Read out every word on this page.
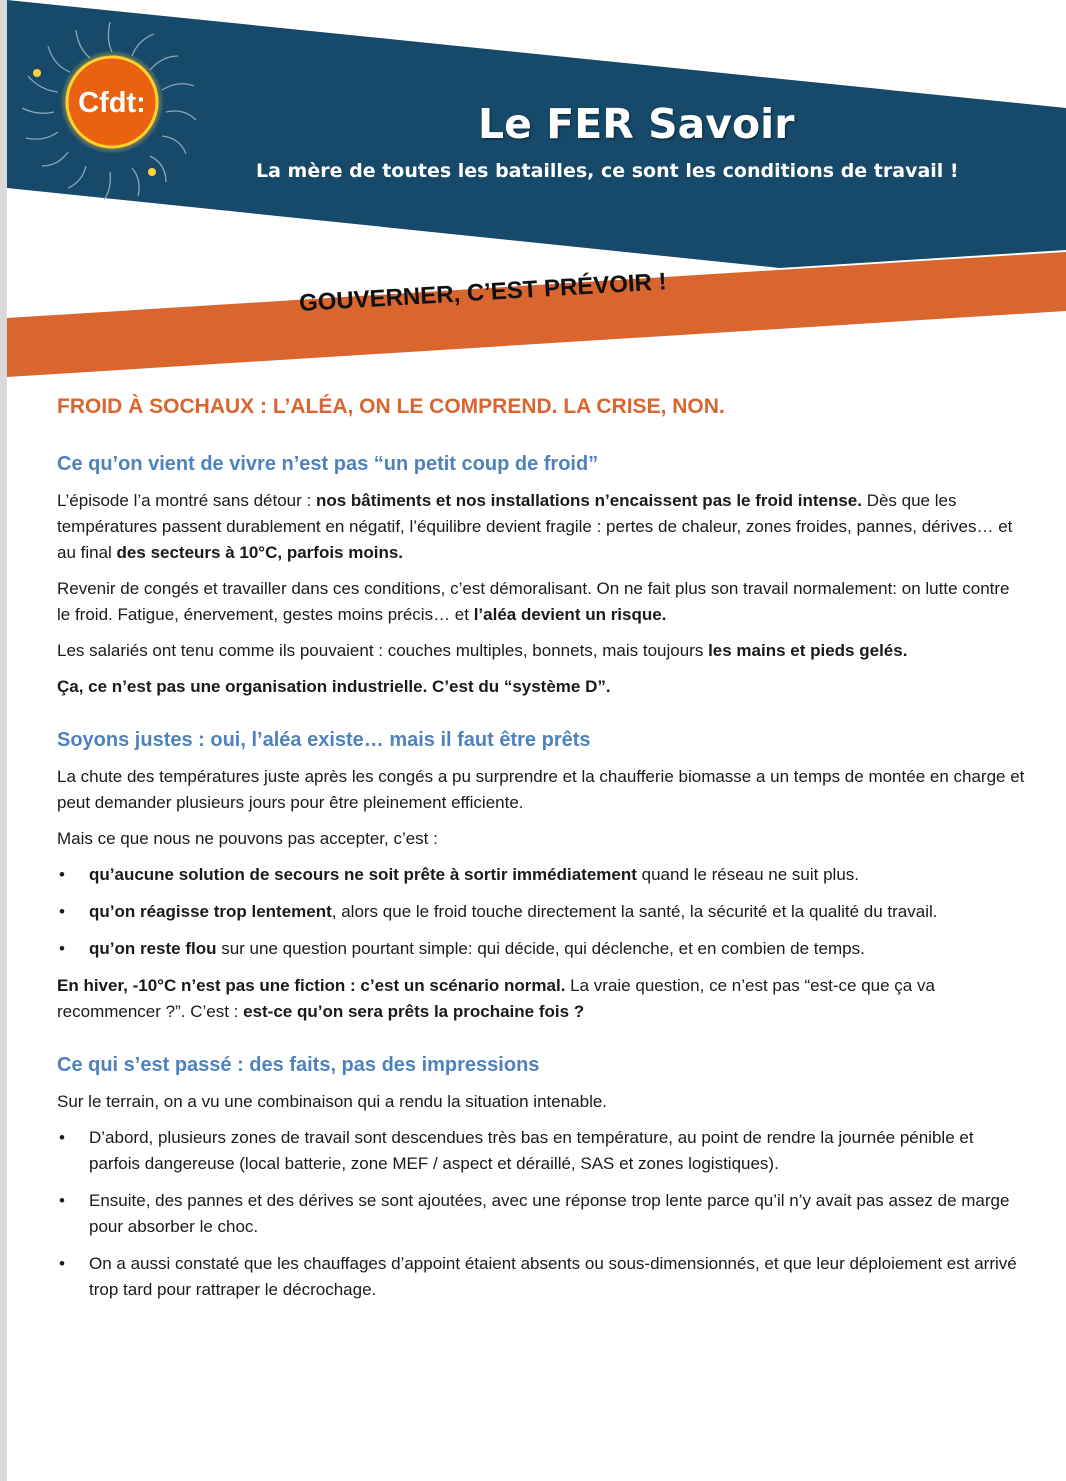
Cfdt:	Le FER Savoir
La mère de toutes les batailles, ce sont les conditions de travail !
GOUVERNER, C’EST PRÉVOIR !
FROID À SOCHAUX : L’ALÉA, ON LE COMPREND. LA CRISE, NON.
Ce qu’on vient de vivre n’est pas “un petit coup de froid”

L’épisode l’a montré sans détour : nos bâtiments et nos installations n’encaissent pas le froid intense. Dès que les températures passent durablement en négatif, l’équilibre devient fragile : pertes de chaleur, zones froides, pannes, dérives… et au final des secteurs à 10°C, parfois moins.

Revenir de congés et travailler dans ces conditions, c’est démoralisant. On ne fait plus son travail normalement: on lutte contre le froid. Fatigue, énervement, gestes moins précis… et l’aléa devient un risque.

Les salariés ont tenu comme ils pouvaient : couches multiples, bonnets, mais toujours les mains et pieds gelés.

Ça, ce n’est pas une organisation industrielle. C’est du “système D”.

Soyons justes : oui, l’aléa existe… mais il faut être prêts

La chute des températures juste après les congés a pu surprendre et la chaufferie biomasse a un temps de montée en charge et peut demander plusieurs jours pour être pleinement efficiente.

Mais ce que nous ne pouvons pas accepter, c’est :

• qu’aucune solution de secours ne soit prête à sortir immédiatement quand le réseau ne suit plus.
• qu’on réagisse trop lentement, alors que le froid touche directement la santé, la sécurité et la qualité du travail.
• qu’on reste flou sur une question pourtant simple: qui décide, qui déclenche, et en combien de temps.

En hiver, -10°C n’est pas une fiction : c’est un scénario normal. La vraie question, ce n’est pas “est-ce que ça va recommencer ?”. C’est : est-ce qu’on sera prêts la prochaine fois ?

Ce qui s’est passé : des faits, pas des impressions

Sur le terrain, on a vu une combinaison qui a rendu la situation intenable.

• D’abord, plusieurs zones de travail sont descendues très bas en température, au point de rendre la journée pénible et parfois dangereuse (local batterie, zone MEF / aspect et déraillé, SAS et zones logistiques).
• Ensuite, des pannes et des dérives se sont ajoutées, avec une réponse trop lente parce qu’il n’y avait pas assez de marge pour absorber le choc.
• On a aussi constaté que les chauffages d’appoint étaient absents ou sous-dimensionnés, et que leur déploiement est arrivé trop tard pour rattraper le décrochage.
